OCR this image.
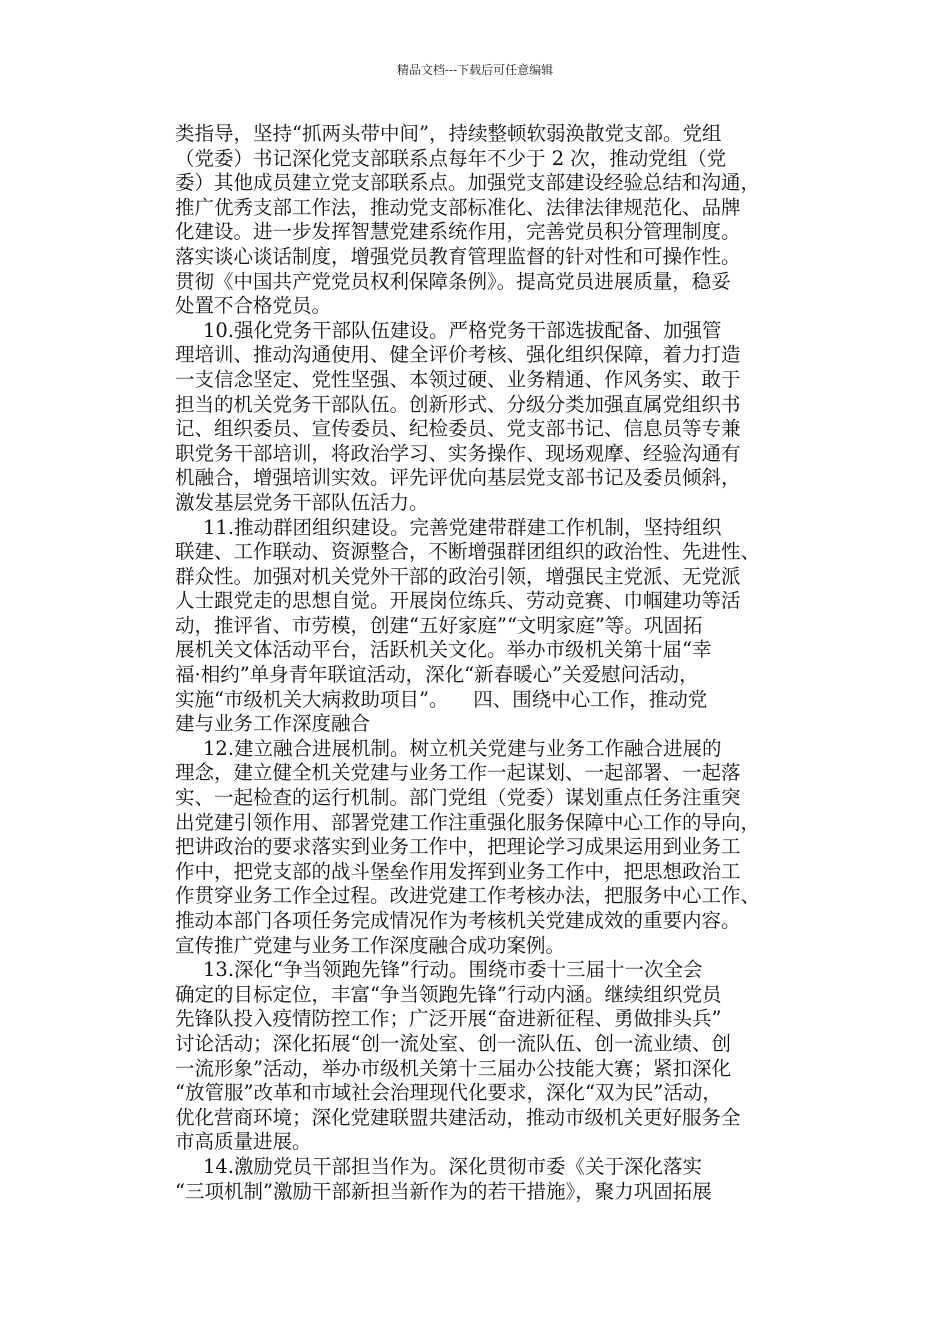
精品文档---下载后可任意编辑
类指导，坚持“抓两头带中间”，持续整顿软弱涣散党支部。党组
（党委）书记深化党支部联系点每年不少于 2 次，推动党组（党
委）其他成员建立党支部联系点。加强党支部建设经验总结和沟通，
推广优秀支部工作法，推动党支部标准化、法律法律规范化、品牌
化建设。进一步发挥智慧党建系统作用，完善党员积分管理制度。
落实谈心谈话制度，增强党员教育管理监督的针对性和可操作性。
贯彻《中国共产党党员权利保障条例》。提高党员进展质量，稳妥
处置不合格党员。
10.强化党务干部队伍建设。严格党务干部选拔配备、加强管
理培训、推动沟通使用、健全评价考核、强化组织保障，着力打造
一支信念坚定、党性坚强、本领过硬、业务精通、作风务实、敢于
担当的机关党务干部队伍。创新形式、分级分类加强直属党组织书
记、组织委员、宣传委员、纪检委员、党支部书记、信息员等专兼
职党务干部培训，将政治学习、实务操作、现场观摩、经验沟通有
机融合，增强培训实效。评先评优向基层党支部书记及委员倾斜，
激发基层党务干部队伍活力。
11.推动群团组织建设。完善党建带群建工作机制，坚持组织
联建、工作联动、资源整合，不断增强群团组织的政治性、先进性、
群众性。加强对机关党外干部的政治引领，增强民主党派、无党派
人士跟党走的思想自觉。开展岗位练兵、劳动竞赛、巾帼建功等活
动，推评省、市劳模，创建“五好家庭”“文明家庭”等。巩固拓
展机关文体活动平台，活跃机关文化。举办市级机关第十届“幸
福·相约”单身青年联谊活动，深化“新春暖心”关爱慰问活动，
实施“市级机关大病救助项目”。    四、围绕中心工作，推动党
建与业务工作深度融合
12.建立融合进展机制。树立机关党建与业务工作融合进展的
理念，建立健全机关党建与业务工作一起谋划、一起部署、一起落
实、一起检查的运行机制。部门党组（党委）谋划重点任务注重突
出党建引领作用、部署党建工作注重强化服务保障中心工作的导向，
把讲政治的要求落实到业务工作中，把理论学习成果运用到业务工
作中，把党支部的战斗堡垒作用发挥到业务工作中，把思想政治工
作贯穿业务工作全过程。改进党建工作考核办法，把服务中心工作、
推动本部门各项任务完成情况作为考核机关党建成效的重要内容。
宣传推广党建与业务工作深度融合成功案例。
13.深化“争当领跑先锋”行动。围绕市委十三届十一次全会
确定的目标定位，丰富“争当领跑先锋”行动内涵。继续组织党员
先锋队投入疫情防控工作；广泛开展“奋进新征程、勇做排头兵”
讨论活动；深化拓展“创一流处室、创一流队伍、创一流业绩、创
一流形象”活动，举办市级机关第十三届办公技能大赛；紧扣深化
“放管服”改革和市域社会治理现代化要求，深化“双为民”活动，
优化营商环境；深化党建联盟共建活动，推动市级机关更好服务全
市高质量进展。
14.激励党员干部担当作为。深化贯彻市委《关于深化落实
“三项机制”激励干部新担当新作为的若干措施》，聚力巩固拓展
